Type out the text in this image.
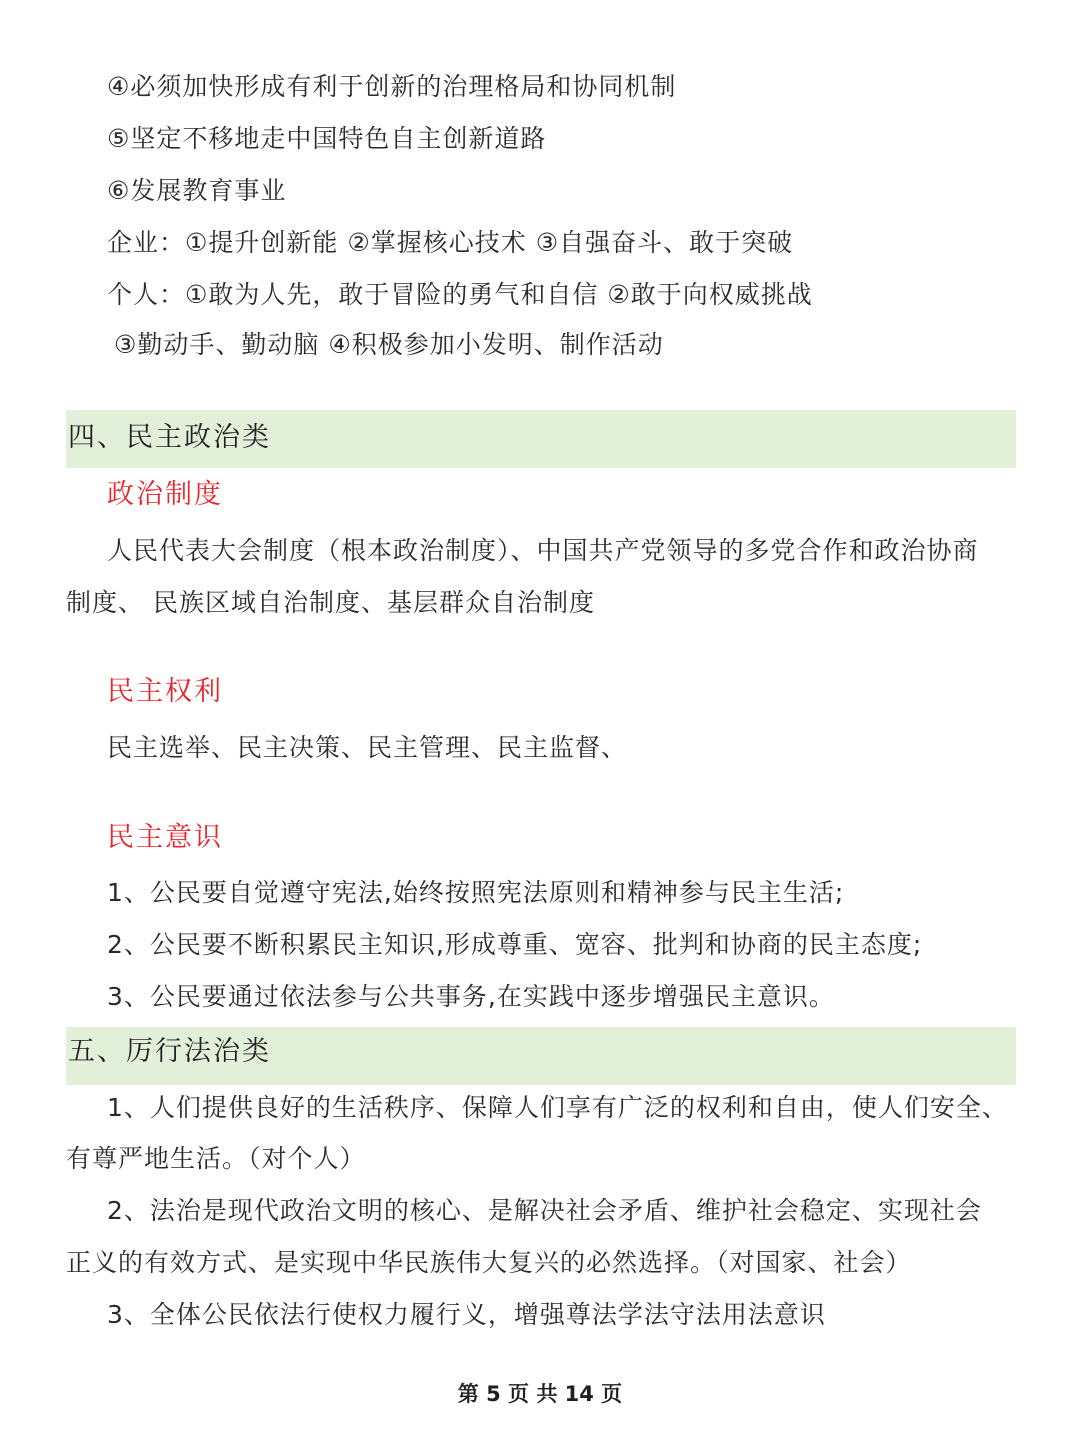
④必须加快形成有利于创新的治理格局和协同机制
⑤坚定不移地走中国特色自主创新道路
⑥发展教育事业
企业：①提升创新能 ②掌握核心技术 ③自强奋斗、敢于突破
个人：①敢为人先，敢于冒险的勇气和自信 ②敢于向权威挑战
③勤动手、勤动脑 ④积极参加小发明、制作活动
四、民主政治类
政治制度
人民代表大会制度（根本政治制度）、中国共产党领导的多党合作和政治协商
制度、 民族区域自治制度、基层群众自治制度
民主权利
民主选举、民主决策、民主管理、民主监督、
民主意识
1、公民要自觉遵守宪法,始终按照宪法原则和精神参与民主生活;
2、公民要不断积累民主知识,形成尊重、宽容、批判和协商的民主态度;
3、公民要通过依法参与公共事务,在实践中逐步增强民主意识。
五、厉行法治类
1、人们提供良好的生活秩序、保障人们享有广泛的权利和自由，使人们安全、
有尊严地生活。（对个人）
2、法治是现代政治文明的核心、是解决社会矛盾、维护社会稳定、实现社会
正义的有效方式、是实现中华民族伟大复兴的必然选择。（对国家、社会）
3、全体公民依法行使权力履行义，增强尊法学法守法用法意识
第 5 页 共 14 页
